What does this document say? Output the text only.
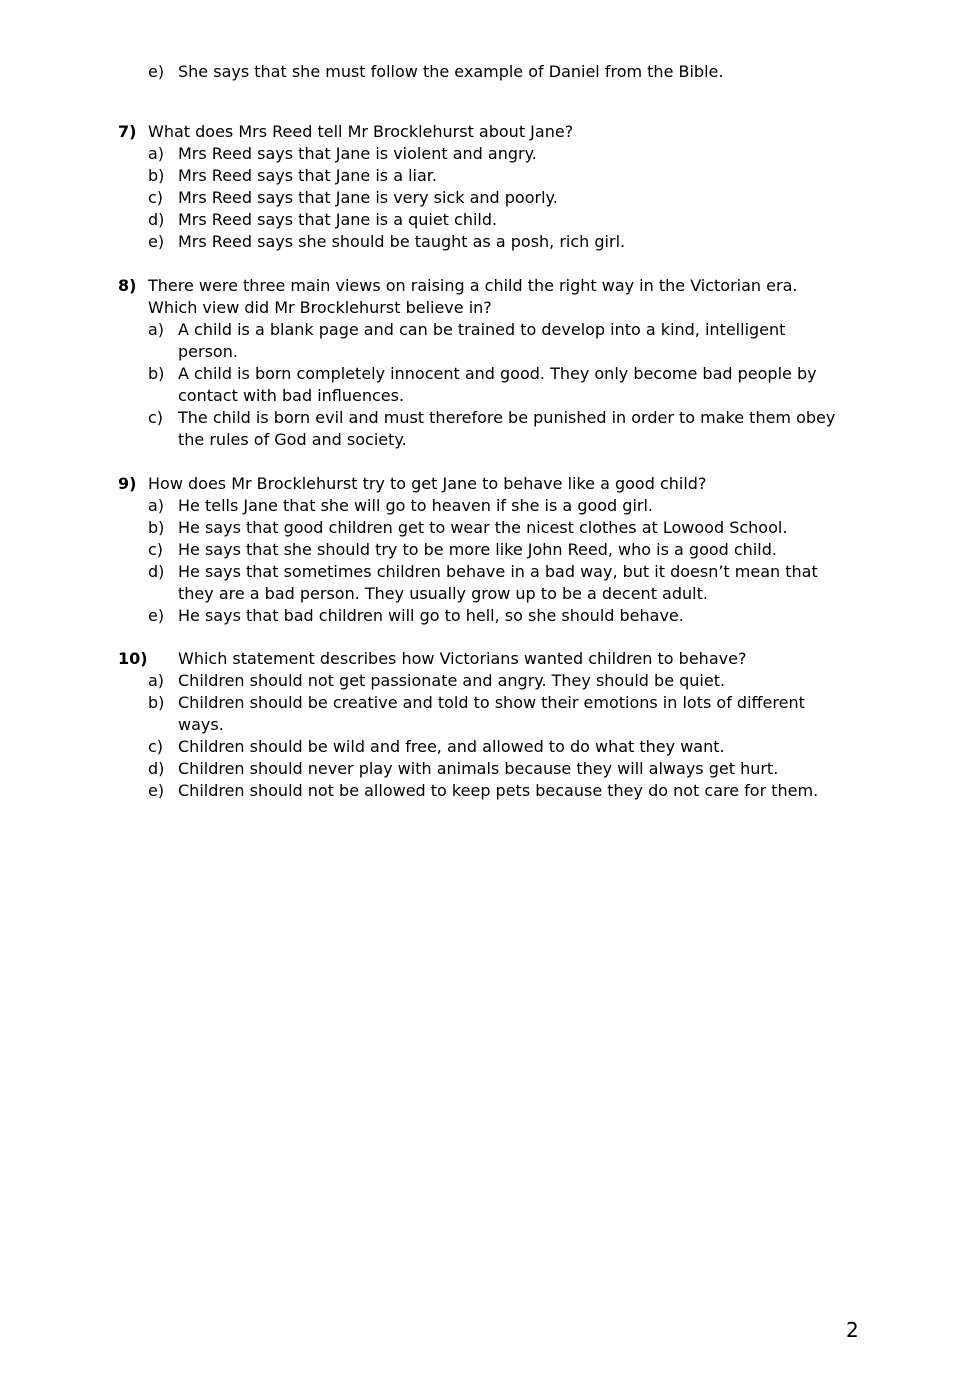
e) She says that she must follow the example of Daniel from the Bible.
7) What does Mrs Reed tell Mr Brocklehurst about Jane?
a) Mrs Reed says that Jane is violent and angry.
b) Mrs Reed says that Jane is a liar.
c) Mrs Reed says that Jane is very sick and poorly.
d) Mrs Reed says that Jane is a quiet child.
e) Mrs Reed says she should be taught as a posh, rich girl.
8) There were three main views on raising a child the right way in the Victorian era.
Which view did Mr Brocklehurst believe in?
a) A child is a blank page and can be trained to develop into a kind, intelligent
person.
b) A child is born completely innocent and good. They only become bad people by
contact with bad influences.
c) The child is born evil and must therefore be punished in order to make them obey
the rules of God and society.
9) How does Mr Brocklehurst try to get Jane to behave like a good child?
a) He tells Jane that she will go to heaven if she is a good girl.
b) He says that good children get to wear the nicest clothes at Lowood School.
c) He says that she should try to be more like John Reed, who is a good child.
d) He says that sometimes children behave in a bad way, but it doesn’t mean that
they are a bad person. They usually grow up to be a decent adult.
e) He says that bad children will go to hell, so she should behave.
10) Which statement describes how Victorians wanted children to behave?
a) Children should not get passionate and angry. They should be quiet.
b) Children should be creative and told to show their emotions in lots of different
ways.
c) Children should be wild and free, and allowed to do what they want.
d) Children should never play with animals because they will always get hurt.
e) Children should not be allowed to keep pets because they do not care for them.
2
